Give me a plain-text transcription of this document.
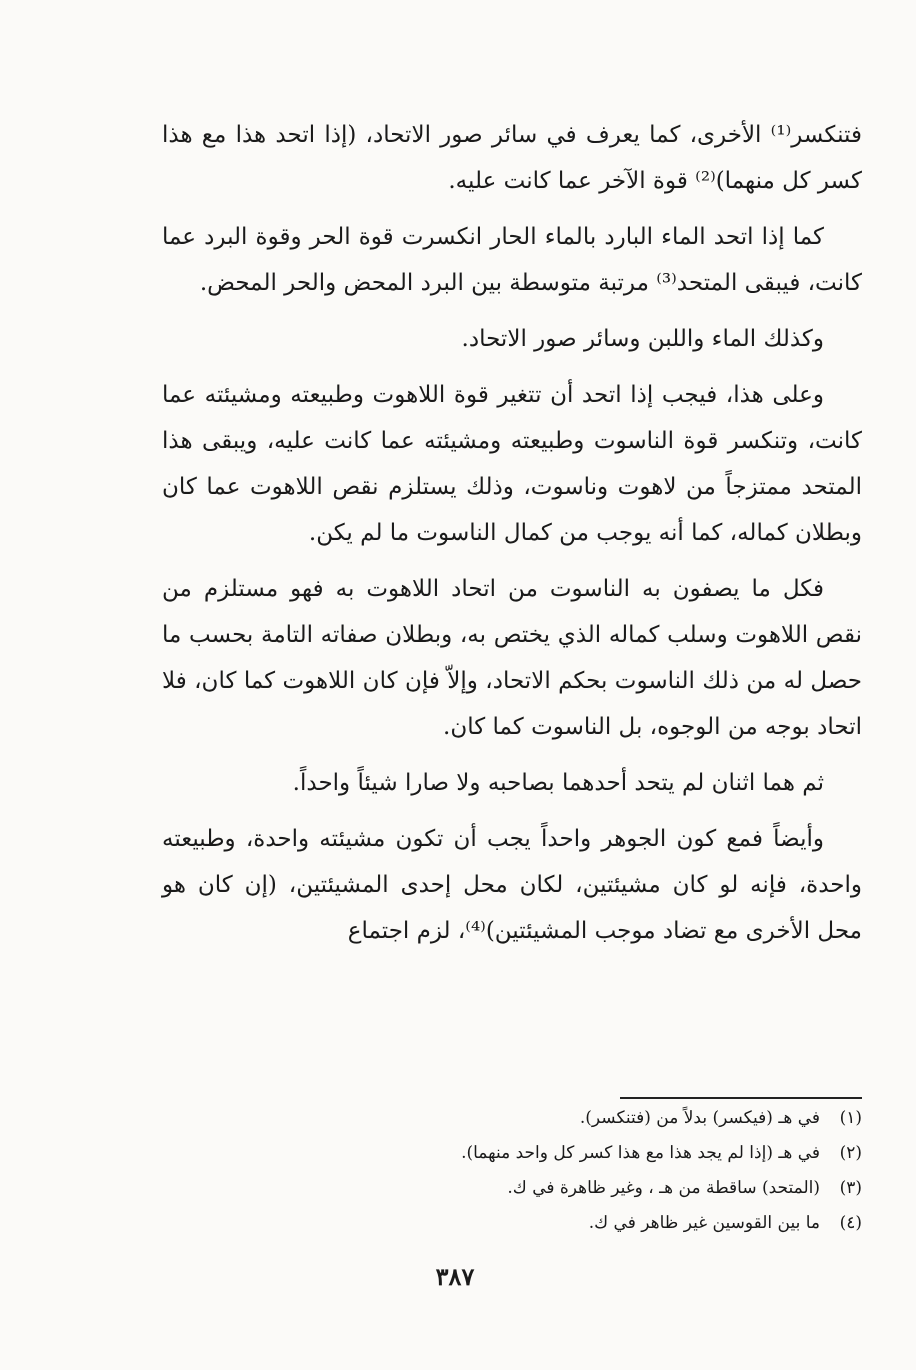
فتنكسر⁽¹⁾ الأخرى، كما يعرف في سائر صور الاتحاد، (إذا اتحد هذا مع هذا كسر كل منهما)⁽²⁾ قوة الآخر عما كانت عليه.

كما إذا اتحد الماء البارد بالماء الحار انكسرت قوة الحر وقوة البرد عما كانت، فيبقى المتحد⁽³⁾ مرتبة متوسطة بين البرد المحض والحر المحض.

وكذلك الماء واللبن وسائر صور الاتحاد.

وعلى هذا، فيجب إذا اتحد أن تتغير قوة اللاهوت وطبيعته ومشيئته عما كانت، وتنكسر قوة الناسوت وطبيعته ومشيئته عما كانت عليه، ويبقى هذا المتحد ممتزجاً من لاهوت وناسوت، وذلك يستلزم نقص اللاهوت عما كان وبطلان كماله، كما أنه يوجب من كمال الناسوت ما لم يكن.

فكل ما يصفون به الناسوت من اتحاد اللاهوت به فهو مستلزم من نقص اللاهوت وسلب كماله الذي يختص به، وبطلان صفاته التامة بحسب ما حصل له من ذلك الناسوت بحكم الاتحاد، وإلاّ فإن كان اللاهوت كما كان، فلا اتحاد بوجه من الوجوه، بل الناسوت كما كان.

ثم هما اثنان لم يتحد أحدهما بصاحبه ولا صارا شيئاً واحداً.

وأيضاً فمع كون الجوهر واحداً يجب أن تكون مشيئته واحدة، وطبيعته واحدة، فإنه لو كان مشيئتين، لكان محل إحدى المشيئتين، (إن كان هو محل الأخرى مع تضاد موجب المشيئتين)⁽⁴⁾، لزم اجتماع

(١)
في هـ (فيكسر) بدلاً من (فتنكسر).
(٢)
في هـ (إذا لم يجد هذا مع هذا كسر كل واحد منهما).
(٣)
(المتحد) ساقطة من هـ ، وغير ظاهرة في ك.
(٤)
ما بين القوسين غير ظاهر في ك.
٣٨٧
